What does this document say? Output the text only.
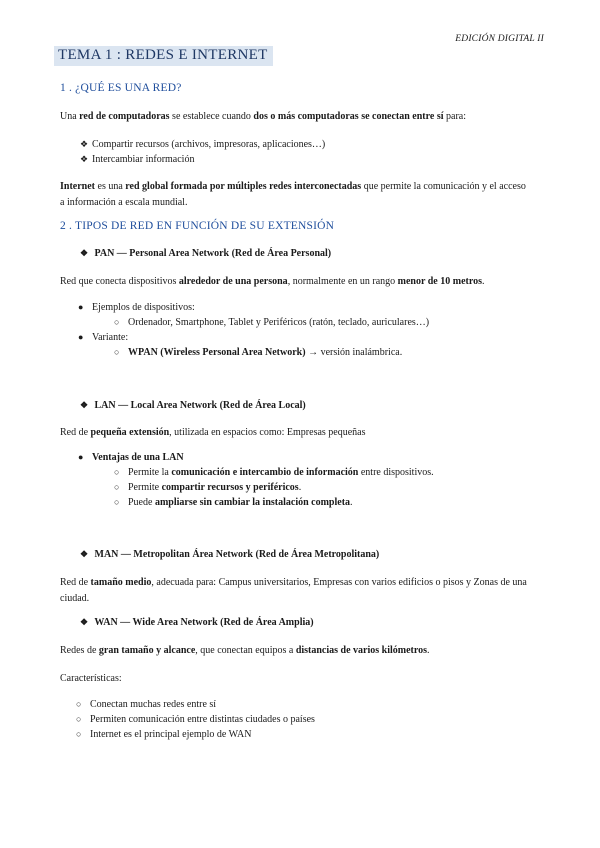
EDICIÓN DIGITAL II
TEMA 1 : REDES E INTERNET
1 . ¿QUÉ ES UNA RED?
Una red de computadoras se establece cuando dos o más computadoras se conectan entre sí para:
❖ Compartir recursos (archivos, impresoras, aplicaciones…)
❖ Intercambiar información
Internet es una red global formada por múltiples redes interconectadas que permite la comunicación y el acceso a información a escala mundial.
2 . TIPOS DE RED EN FUNCIÓN DE SU EXTENSIÓN
❖ PAN — Personal Area Network (Red de Área Personal)
Red que conecta dispositivos alrededor de una persona, normalmente en un rango menor de 10 metros.
● Ejemplos de dispositivos:
○ Ordenador, Smartphone, Tablet y Periféricos (ratón, teclado, auriculares…)
● Variante:
○ WPAN (Wireless Personal Area Network) → versión inalámbrica.
❖ LAN — Local Area Network (Red de Área Local)
Red de pequeña extensión, utilizada en espacios como: Empresas pequeñas
● Ventajas de una LAN
○ Permite la comunicación e intercambio de información entre dispositivos.
○ Permite compartir recursos y periféricos.
○ Puede ampliarse sin cambiar la instalación completa.
❖ MAN — Metropolitan Área Network (Red de Área Metropolitana)
Red de tamaño medio, adecuada para: Campus universitarios, Empresas con varios edificios o pisos y Zonas de una ciudad.
❖ WAN — Wide Area Network (Red de Área Amplia)
Redes de gran tamaño y alcance, que conectan equipos a distancias de varios kilómetros.
Características:
○ Conectan muchas redes entre sí
○ Permiten comunicación entre distintas ciudades o países
○ Internet es el principal ejemplo de WAN
